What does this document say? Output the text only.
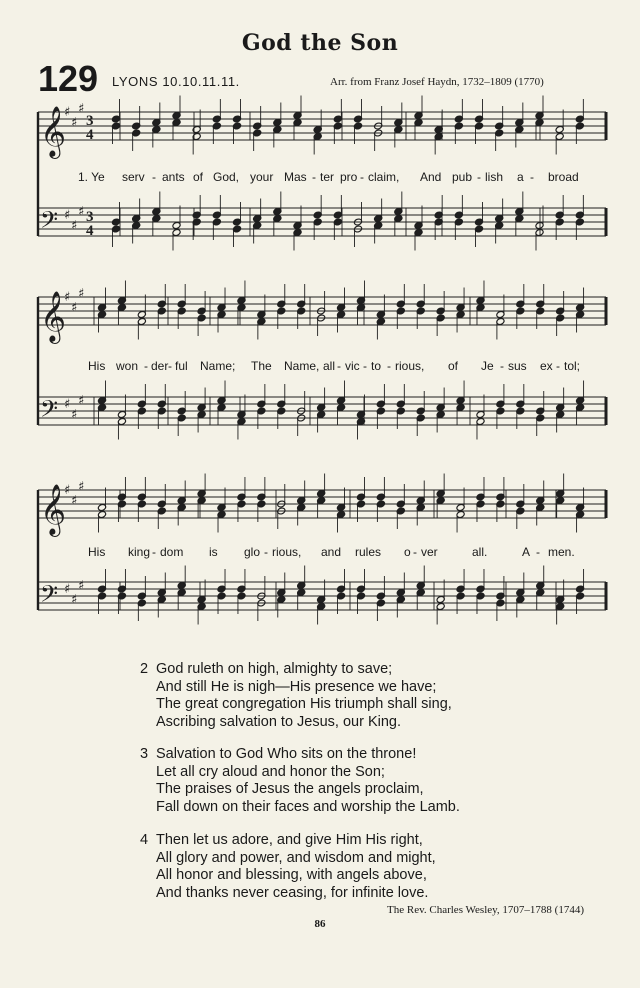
God the Son
129 LYONS 10.10.11.11.	Arr. from Franz Josef Haydn, 1732–1809 (1770)
𝄞
♯
♯
♯
3
4
𝄢 ♯
♯
♯ 3
4
𝄞
♯
♯
♯
𝄢 ♯
♯
♯
𝄞
♯
♯
♯
𝄢 ♯
♯
♯
1. Ye serv - ants of God, your Mas - ter pro - claim, And pub - lish a - broad
His won - der - ful Name; The Name, all - vic - to - rious, of Je - sus ex - tol;
His king - dom is glo - rious, and rules o - ver	all.	A - men.
2 God ruleth on high, almighty to save;
And still He is nigh—His presence we have;
The great congregation His triumph shall sing,
Ascribing salvation to Jesus, our King.
3 Salvation to God Who sits on the throne!
Let all cry aloud and honor the Son;
The praises of Jesus the angels proclaim,
Fall down on their faces and worship the Lamb.
4 Then let us adore, and give Him His right,
All glory and power, and wisdom and might,
All honor and blessing, with angels above,
And thanks never ceasing, for infinite love.
The Rev. Charles Wesley, 1707–1788 (1744)
86
